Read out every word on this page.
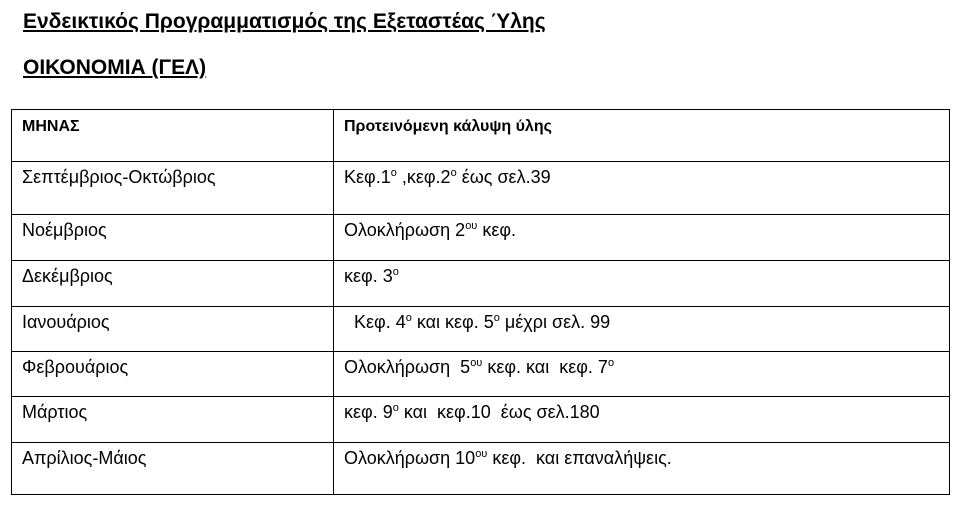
Ενδεικτικός Προγραμματισμός της Εξεταστέας Ύλης
ΟΙΚΟΝΟΜΙΑ (ΓΕΛ)
ΜΗΝΑΣ	Προτεινόμενη κάλυψη ύλης
Σεπτέμβριος-Οκτώβριος	$K\varepsilon\varphi.1^o$ $,\kappa\varepsilon\varphi.2^o$ έως σελ.39
Νοέμβριος	Ολοκλήρωση $2^{o\upsilon}$ κεφ.
Δεκέμβριος	κεφ. $3^o$
Ιανουάριος	Κεφ. $4^o$ και κεφ. $5^o$ μέχρι σελ. 99
Φεβρουάριος	Ολοκλήρωση  $5^{o\upsilon}$ κεφ. και  κεφ. $7^o$
Μάρτιος	κεφ. $9^o$ και  κεφ.10  έως σελ.180
Απρίλιος-Μάιος	Ολοκλήρωση $10^{o\upsilon}$ κεφ.  και επαναλήψεις.
